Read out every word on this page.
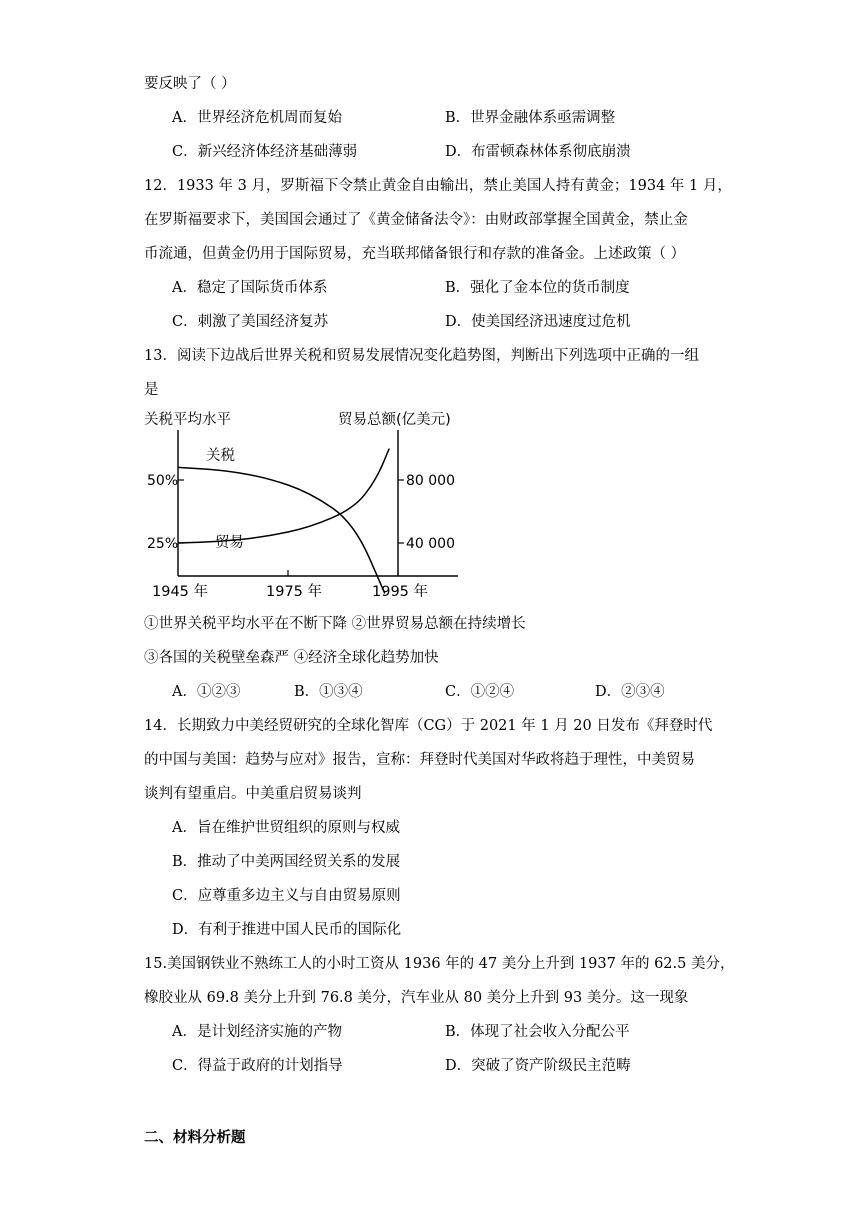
要反映了（ ）
A．世界经济危机周而复始	B．世界金融体系亟需调整
C．新兴经济体经济基础薄弱	D．布雷顿森林体系彻底崩溃
12．1933 年 3 月，罗斯福下令禁止黄金自由输出，禁止美国人持有黄金；1934 年 1 月，
在罗斯福要求下，美国国会通过了《黄金储备法令》：由财政部掌握全国黄金，禁止金
币流通，但黄金仍用于国际贸易，充当联邦储备银行和存款的准备金。上述政策（ ）
A．稳定了国际货币体系	B．强化了金本位的货币制度
C．刺激了美国经济复苏	D．使美国经济迅速度过危机
13．阅读下边战后世界关税和贸易发展情况变化趋势图，判断出下列选项中正确的一组
是
关税平均水平	贸易总额(亿美元)
50%
25%
80 000
40 000
1945 年	1975 年	1995 年
关税
贸易
①世界关税平均水平在不断下降 ②世界贸易总额在持续增长
③各国的关税壁垒森严 ④经济全球化趋势加快
A．①②③	B．①③④	C．①②④	D．②③④
14．长期致力中美经贸研究的全球化智库（CG）于 2021 年 1 月 20 日发布《拜登时代
的中国与美国：趋势与应对》报告，宣称：拜登时代美国对华政将趋于理性，中美贸易
谈判有望重启。中美重启贸易谈判
A．旨在维护世贸组织的原则与权威
B．推动了中美两国经贸关系的发展
C．应尊重多边主义与自由贸易原则
D．有利于推进中国人民币的国际化
15.美国钢铁业不熟练工人的小时工资从 1936 年的 47 美分上升到 1937 年的 62.5 美分，
橡胶业从 69.8 美分上升到 76.8 美分，汽车业从 80 美分上升到 93 美分。这一现象
A．是计划经济实施的产物	B．体现了社会收入分配公平
C．得益于政府的计划指导	D．突破了资产阶级民主范畴
二、材料分析题
